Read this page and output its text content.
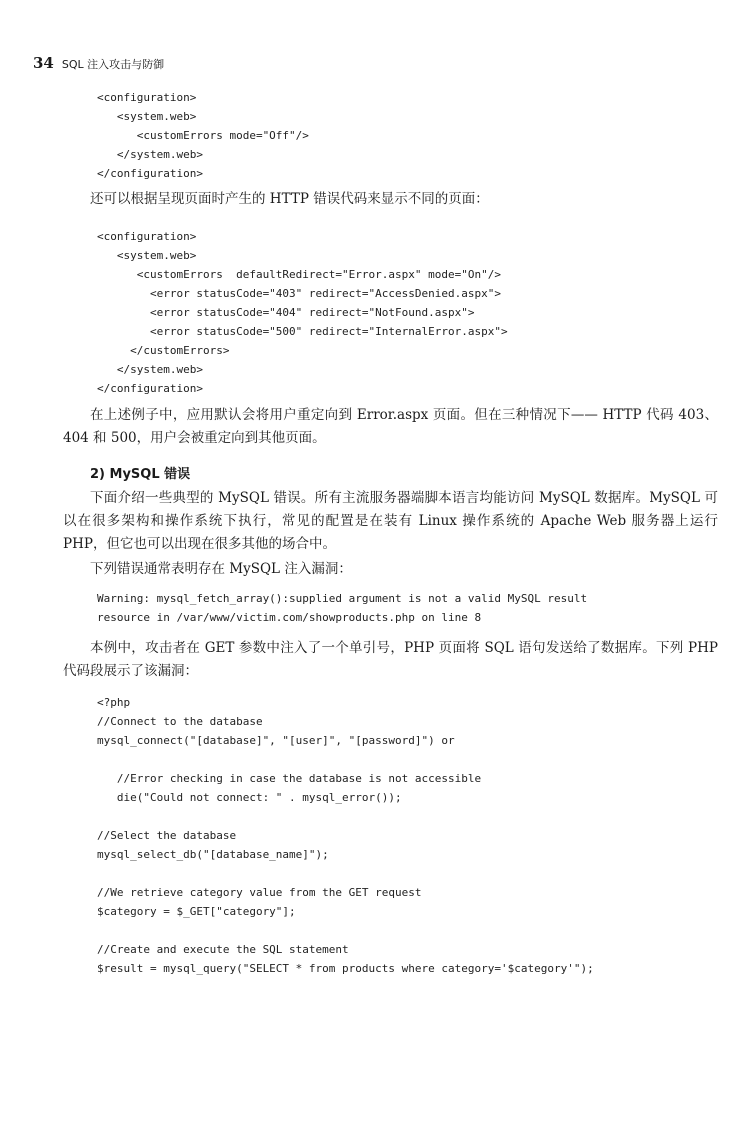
34 SQL 注入攻击与防御
<configuration>
<system.web>
<customErrors mode="Off"/>
</system.web>
</configuration>

还可以根据呈现页面时产生的 HTTP 错误代码来显示不同的页面：

<configuration>
<system.web>
<customErrors  defaultRedirect="Error.aspx" mode="On"/>
<error statusCode="403" redirect="AccessDenied.aspx">
<error statusCode="404" redirect="NotFound.aspx">
<error statusCode="500" redirect="InternalError.aspx">
</customErrors>
</system.web>
</configuration>

在上述例子中，应用默认会将用户重定向到 Error.aspx 页面。但在三种情况下—— HTTP 代码 403、404 和 500，用户会被重定向到其他页面。

2) MySQL 错误

下面介绍一些典型的 MySQL 错误。所有主流服务器端脚本语言均能访问 MySQL 数据库。MySQL 可以在很多架构和操作系统下执行，常见的配置是在装有 Linux 操作系统的 Apache Web 服务器上运行 PHP，但它也可以出现在很多其他的场合中。

下列错误通常表明存在 MySQL 注入漏洞：

Warning: mysql_fetch_array():supplied argument is not a valid MySQL result
resource in /var/www/victim.com/showproducts.php on line 8

本例中，攻击者在 GET 参数中注入了一个单引号，PHP 页面将 SQL 语句发送给了数据库。下列 PHP 代码段展示了该漏洞：

<?php
//Connect to the database
mysql_connect("[database]", "[user]", "[password]") or

//Error checking in case the database is not accessible
die("Could not connect: " . mysql_error());

//Select the database
mysql_select_db("[database_name]");

//We retrieve category value from the GET request
$category = $_GET["category"];

//Create and execute the SQL statement
$result = mysql_query("SELECT * from products where category='$category'");
